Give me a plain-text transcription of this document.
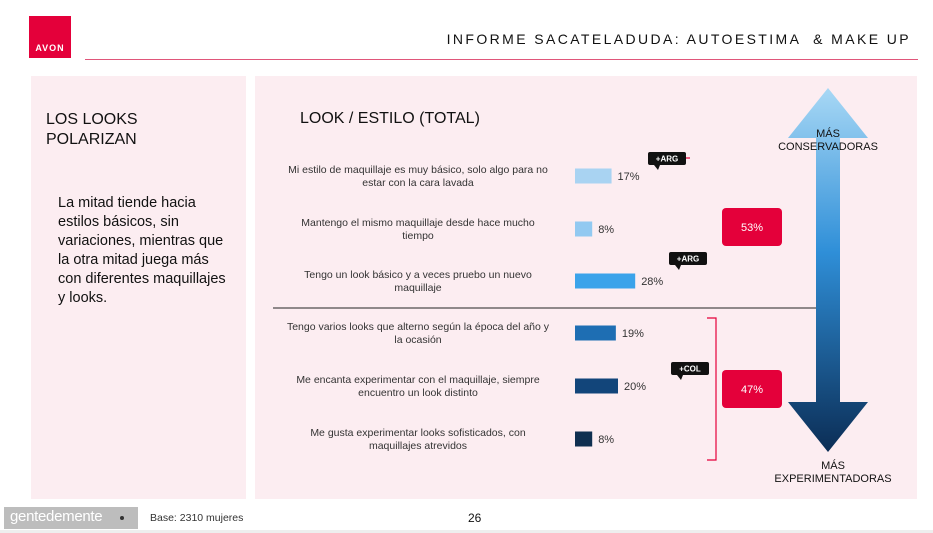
AVON
INFORME SACATELADUDA: AUTOESTIMA  & MAKE UP
LOS LOOKS POLARIZAN
La mitad tiende hacia estilos básicos, sin variaciones, mientras que la otra mitad juega más con diferentes maquillajes y looks.
LOOK / ESTILO (TOTAL)
17%
Mi estilo de maquillaje es muy básico, solo algo para no
estar con la cara lavada
8%
Mantengo el mismo maquillaje desde hace mucho
tiempo
28%
Tengo un look básico y a veces pruebo un nuevo
maquillaje
19%
Tengo varios looks que alterno según la época del año y
la ocasión
20%
Me encanta experimentar con el maquillaje, siempre
encuentro un look distinto
8%
Me gusta experimentar looks sofisticados, con
maquillajes atrevidos
+ARG
+ARG
+COL
53%
47%
MÁS
CONSERVADORAS
MÁS
EXPERIMENTADORAS
gentedemente	Base: 2310 mujeres	26
